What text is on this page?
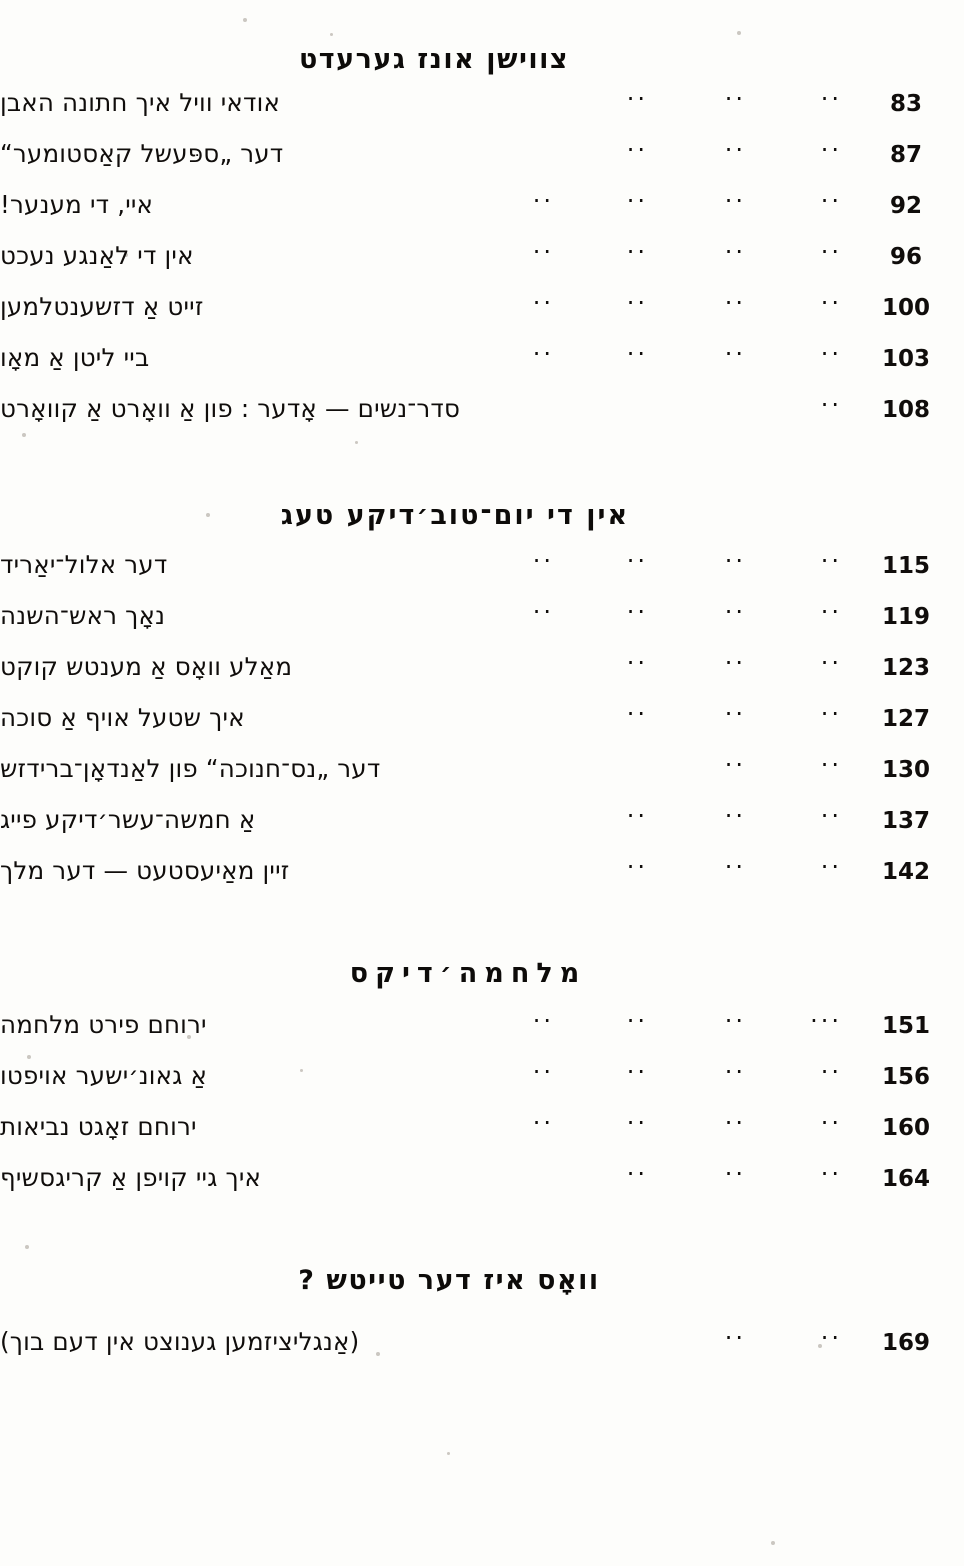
צווישן אונז גערעדט
83
..
..
..
אודאי וויל איך חתונה האבן
87
..
..
..
דער „ספּעשל קאַסטומער“
92
..
..
..
..
איי, די מענער!
96
..
..
..
..
אין די לאַנגע נעכט
100
..
..
..
..
זייט אַ דזשענטלמען
103
..
..
..
..
ביי ליטן אַ מאָו
108
..
סדר־נשים — אָדער : פון אַ וואָרט אַ קוואָרט
אין די יום־טוב׳דיקע טעג
115
..
..
..
..
דער אלול־יאַריד
119
..
..
..
..
נאָך ראש־השנה
123
..
..
..
מאַלע וואָס אַ מענטש קוקט
127
..
..
..
איך שטעל אויף אַ סוכה
130
..
..
דער „נס־חנוכה“ פון לאַנדאָן־ברידזש
137
..
..
..
אַ חמשה־עשר׳דיקע פייג
142
..
..
..
זיין מאַיעסטעט — דער מלך
מלחמה׳דיקס
151
...
..
..
..
ירוחם פירט מלחמה
156
..
..
..
..
אַ גאונ׳ישער אויפטו
160
..
..
..
..
ירוחם זאָגט נביאות
164
..
..
..
איך גיי קויפן אַ קריגסשיף
וואָס איז דער טייטש ?
169
..
..
(אַנגליציזמען גענוצט אין דעם בוך)
